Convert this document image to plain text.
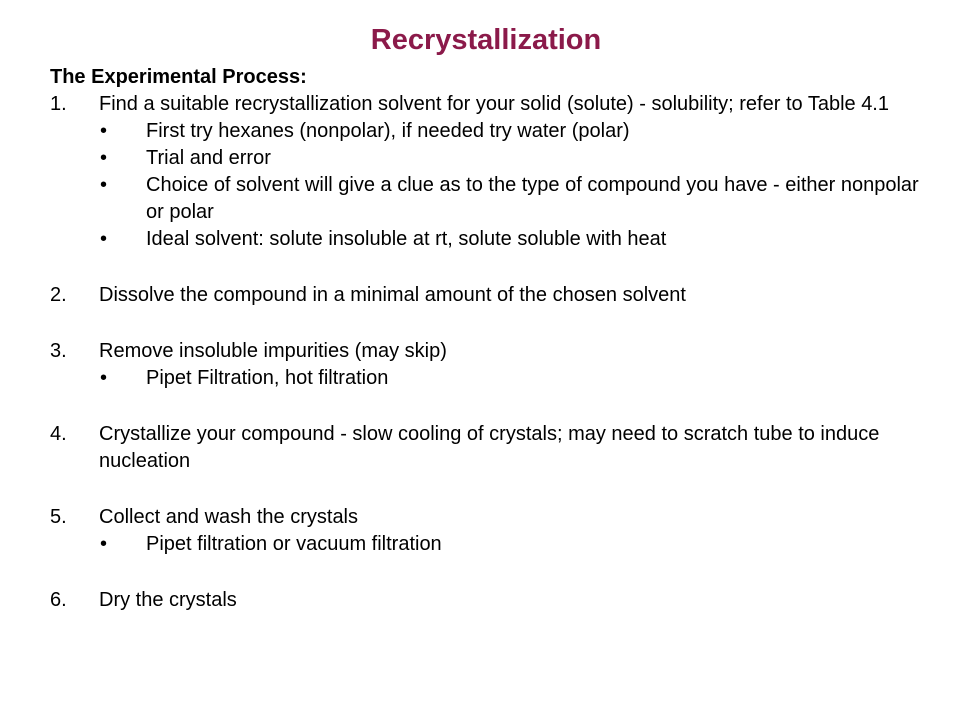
Recrystallization
The Experimental Process:
1. Find a suitable recrystallization solvent for your solid (solute) - solubility; refer to Table 4.1
• First try hexanes (nonpolar), if needed try water (polar)
• Trial and error
• Choice of solvent will give a clue as to the type of compound you have - either nonpolar or polar
• Ideal solvent: solute insoluble at rt, solute soluble with heat
2. Dissolve the compound in a minimal amount of the chosen solvent
3. Remove insoluble impurities (may skip)
• Pipet Filtration, hot filtration
4. Crystallize your compound - slow cooling of crystals; may need to scratch tube to induce nucleation
5. Collect and wash the crystals
• Pipet filtration or vacuum filtration
6. Dry the crystals
